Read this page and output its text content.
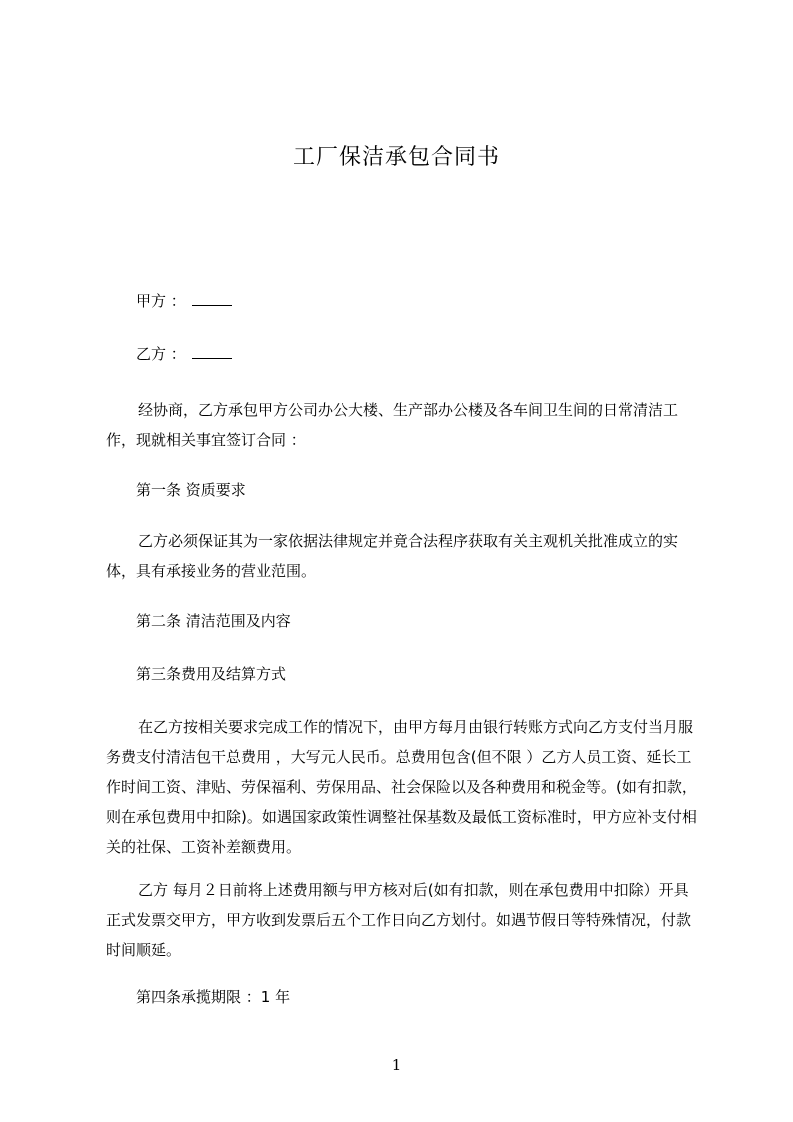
工厂保洁承包合同书
甲方 ：
乙方 ：
经协商，乙方承包甲方公司办公大楼、生产部办公楼及各车间卫生间的日常清洁工作，现就相关事宜签订合同 ：
第一条 资质要求
乙方必须保证其为一家依据法律规定并竟合法程序获取有关主观机关批准成立的实体，具有承接业务的营业范围。
第二条 清洁范围及内容
第三条费用及结算方式
在乙方按相关要求完成工作的情况下，由甲方每月由银行转账方式向乙方支付当月服务费支付清洁包干总费用 ，大写元人民币。总费用包含(但不限 ）乙方人员工资、延长工作时间工资、津贴、劳保福利、劳保用品、社会保险以及各种费用和税金等。(如有扣款，则在承包费用中扣除)。如遇国家政策性调整社保基数及最低工资标准时，甲方应补支付相关的社保、工资补差额费用。
乙方 每月２日前将上述费用额与甲方核对后(如有扣款，则在承包费用中扣除）开具正式发票交甲方，甲方收到发票后五个工作日向乙方划付。如遇节假日等特殊情况，付款时间顺延。
第四条承揽期限 ：1 年
1
